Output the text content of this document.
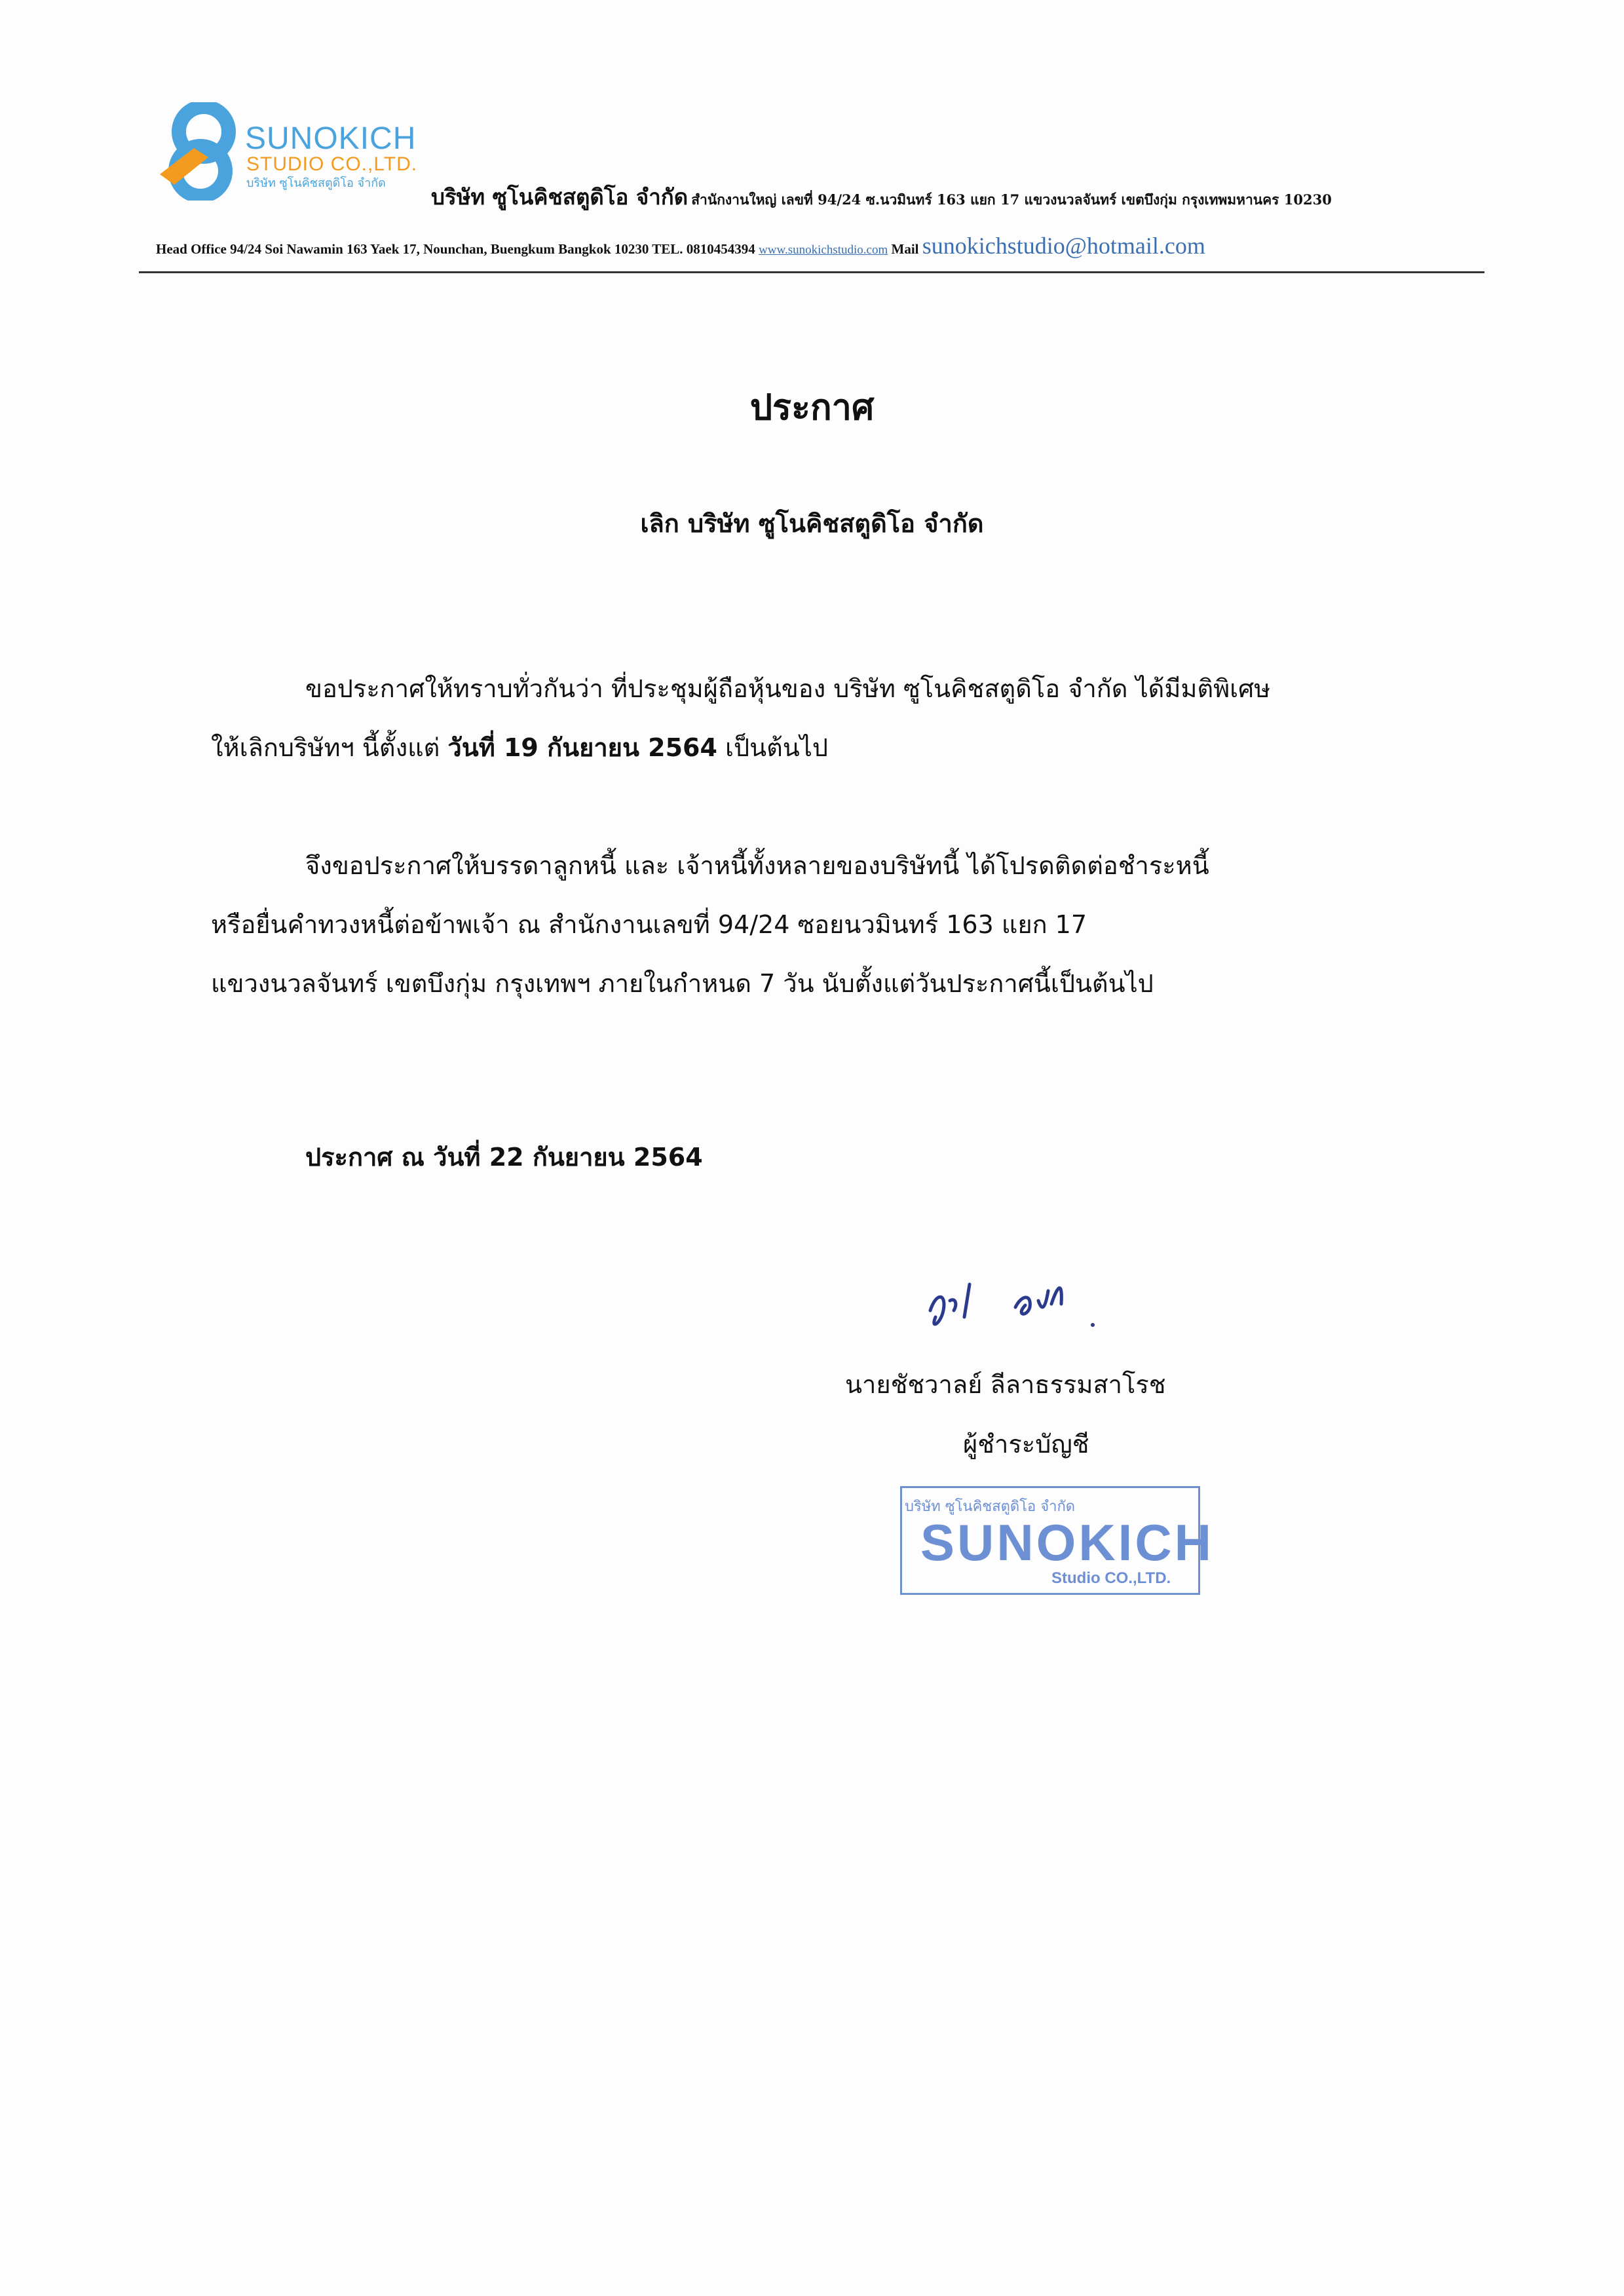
SUNOKICH
STUDIO CO.,LTD.
บริษัท ซูโนคิชสตูดิโอ จำกัด
บริษัท ซูโนคิชสตูดิโอ จำกัด สำนักงานใหญ่ เลขที่ 94/24 ซ.นวมินทร์ 163 แยก 17 แขวงนวลจันทร์ เขตบึงกุ่ม กรุงเทพมหานคร 10230
Head Office 94/24 Soi Nawamin 163 Yaek 17, Nounchan, Buengkum Bangkok 10230 TEL. 0810454394 www.sunokichstudio.com Mail sunokichstudio@hotmail.com
ประกาศ
เลิก บริษัท ซูโนคิชสตูดิโอ จำกัด
ขอประกาศให้ทราบทั่วกันว่า ที่ประชุมผู้ถือหุ้นของ บริษัท ซูโนคิชสตูดิโอ จำกัด ได้มีมติพิเศษ
ให้เลิกบริษัทฯ นี้ตั้งแต่ วันที่ 19 กันยายน 2564 เป็นต้นไป
จึงขอประกาศให้บรรดาลูกหนี้ และ เจ้าหนี้ทั้งหลายของบริษัทนี้ ได้โปรดติดต่อชำระหนี้
หรือยื่นคำทวงหนี้ต่อข้าพเจ้า ณ สำนักงานเลขที่ 94/24 ซอยนวมินทร์ 163 แยก 17
แขวงนวลจันทร์ เขตบึงกุ่ม กรุงเทพฯ ภายในกำหนด 7 วัน นับตั้งแต่วันประกาศนี้เป็นต้นไป
ประกาศ ณ วันที่ 22 กันยายน 2564
นายชัชวาลย์ ลีลาธรรมสาโรช
ผู้ชำระบัญชี
บริษัท ซูโนคิชสตูดิโอ จำกัด
SUNOKICH
Studio CO.,LTD.
